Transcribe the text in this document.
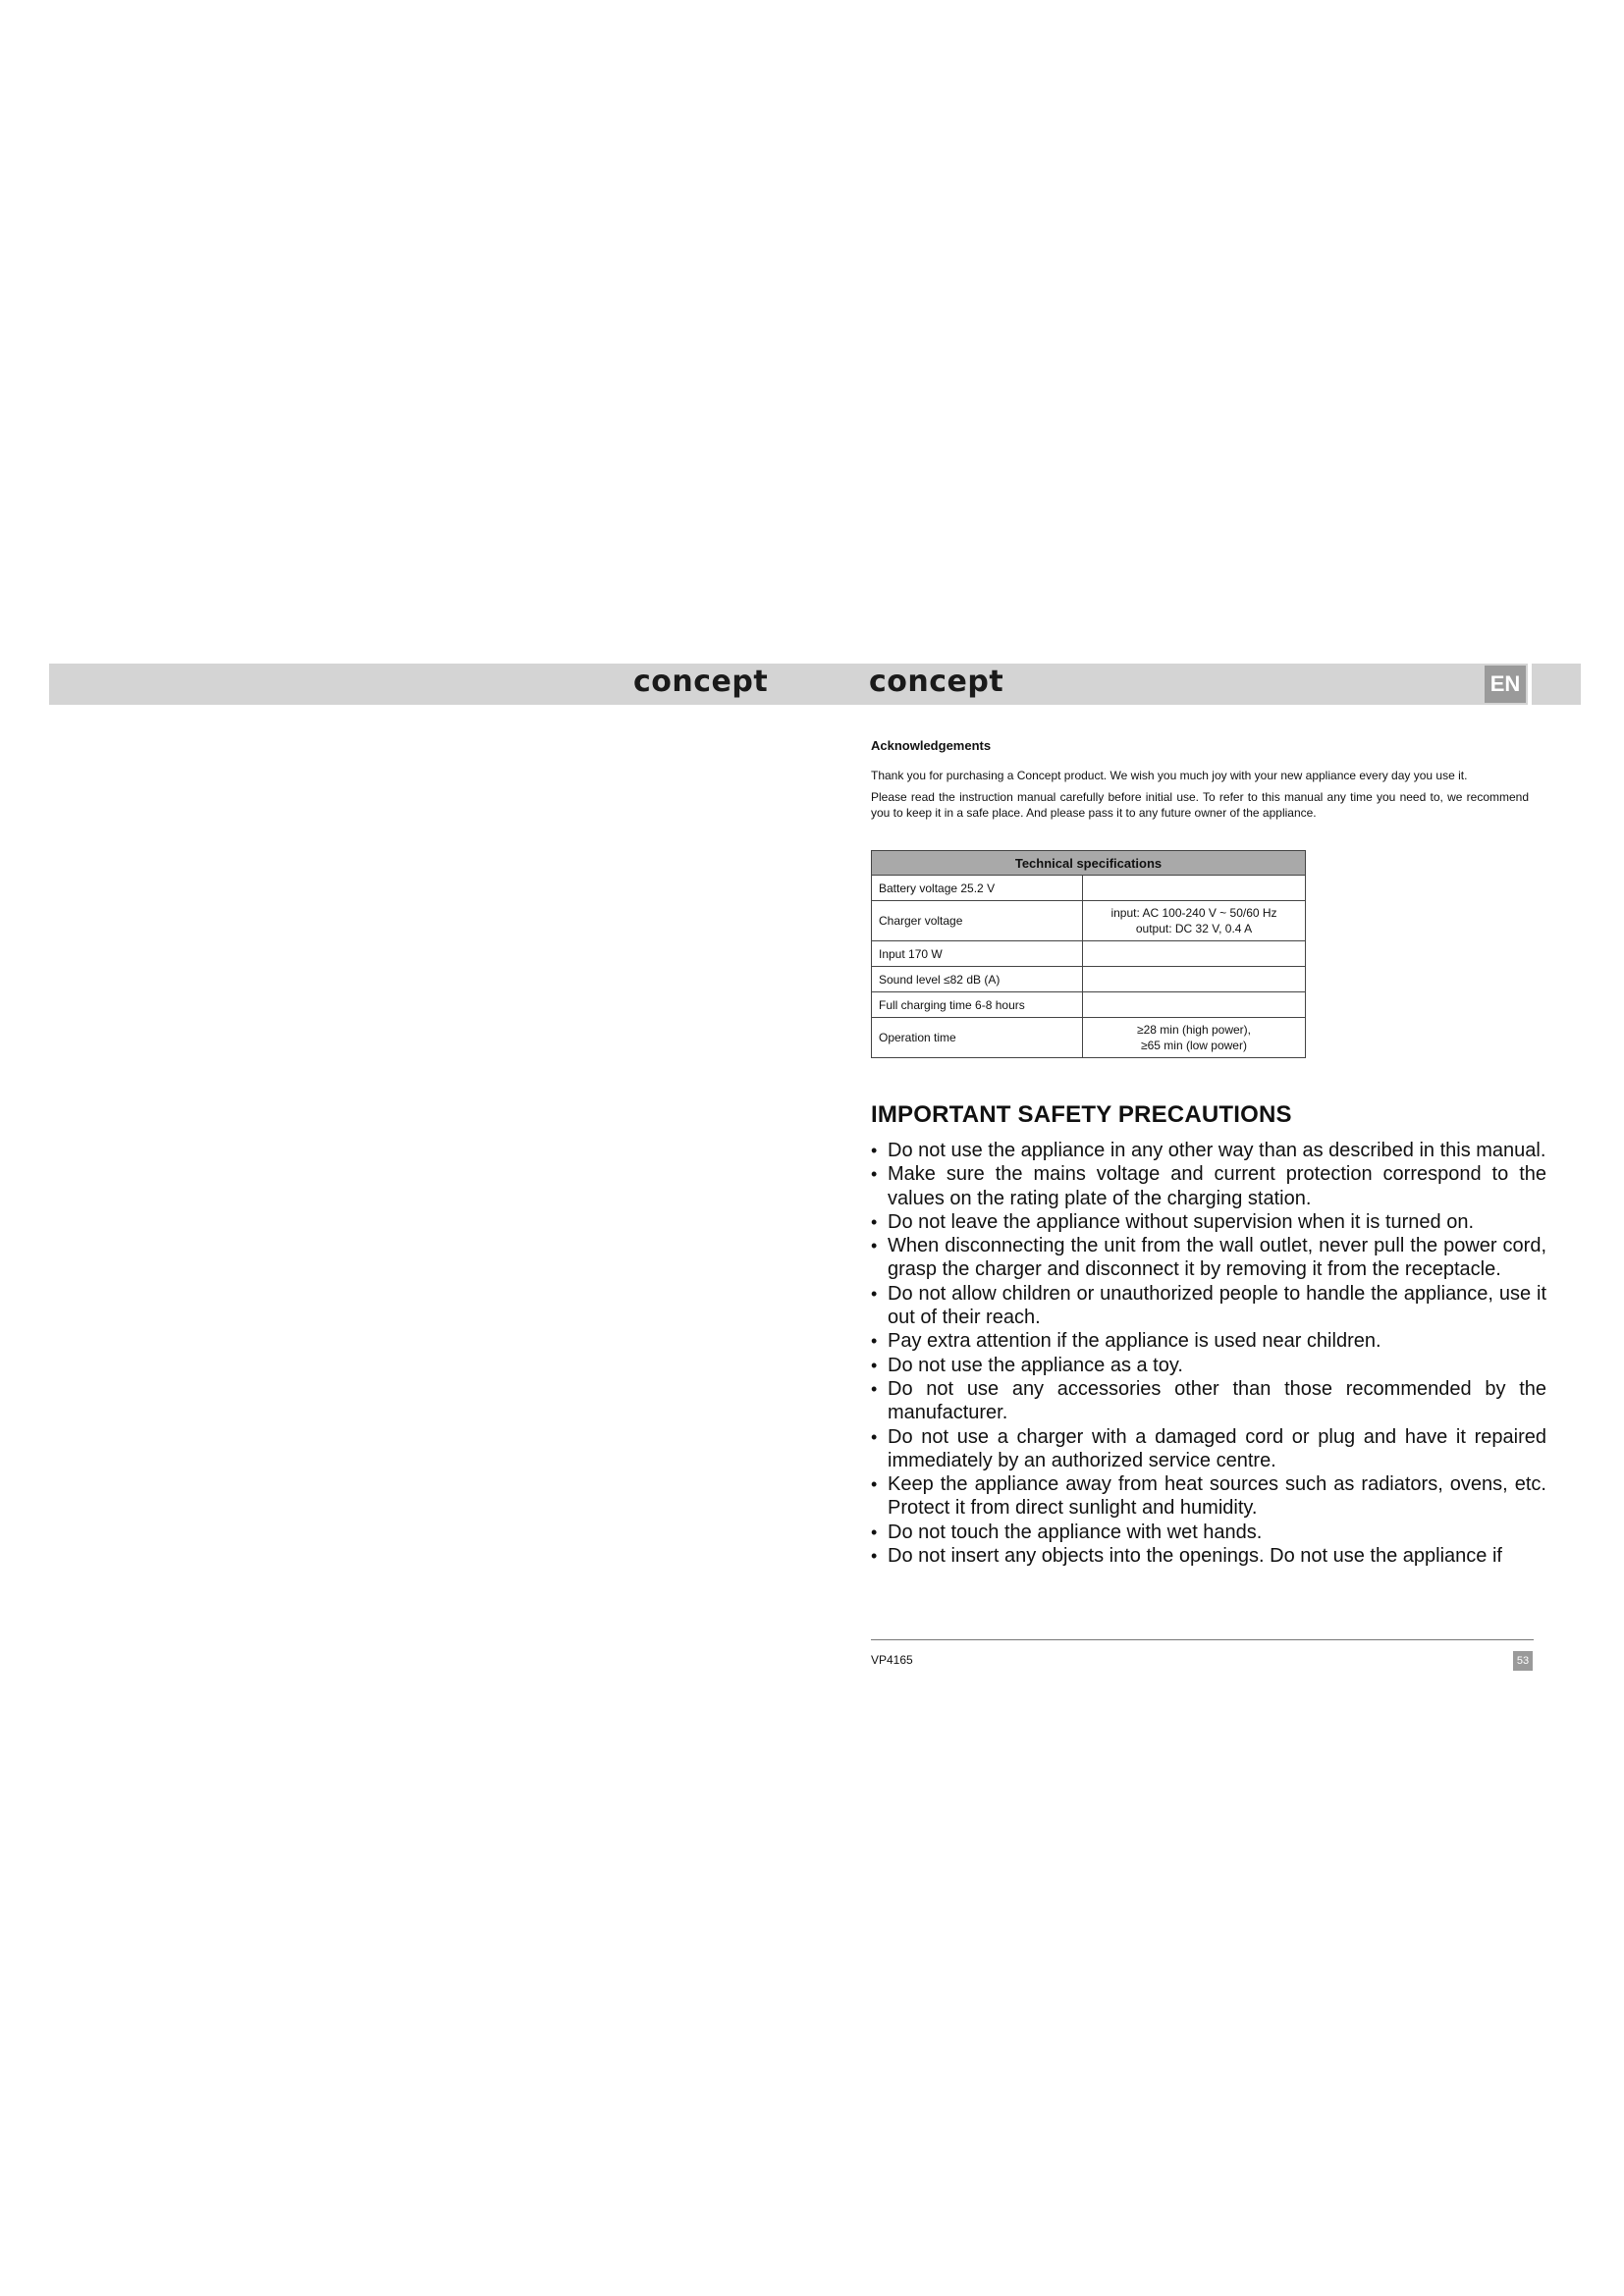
concept	concept	EN
Acknowledgements
Thank you for purchasing a Concept product. We wish you much joy with your new appliance every day you use it.
Please read the instruction manual carefully before initial use. To refer to this manual any time you need to, we recommend you to keep it in a safe place. And please pass it to any future owner of the appliance.
Technical specifications	
Battery voltage 25.2 V	
Charger voltage	input: AC 100-240 V ~ 50/60 Hz
output: DC 32 V, 0.4 A

Input 170 W	
Sound level ≤82 dB (A)	
Full charging time 6-8 hours	
Operation time	≥28 min (high power),
≥65 min (low power)
IMPORTANT SAFETY PRECAUTIONS
• Do not use the appliance in any other way than as described in this manual.
• Make sure the mains voltage and current protection correspond to the values on the rating plate of the charging station.
• Do not leave the appliance without supervision when it is turned on.
• When disconnecting the unit from the wall outlet, never pull the power cord, grasp the charger and disconnect it by removing it from the receptacle.
• Do not allow children or unauthorized people to handle the appliance, use it out of their reach.
• Pay extra attention if the appliance is used near children.
• Do not use the appliance as a toy.
• Do not use any accessories other than those recommended by the manufacturer.
• Do not use a charger with a damaged cord or plug and have it repaired immediately by an authorized service centre.
• Keep the appliance away from heat sources such as radiators, ovens, etc. Protect it from direct sunlight and humidity.
• Do not touch the appliance with wet hands.
• Do not insert any objects into the openings. Do not use the appliance if
VP4165	53
